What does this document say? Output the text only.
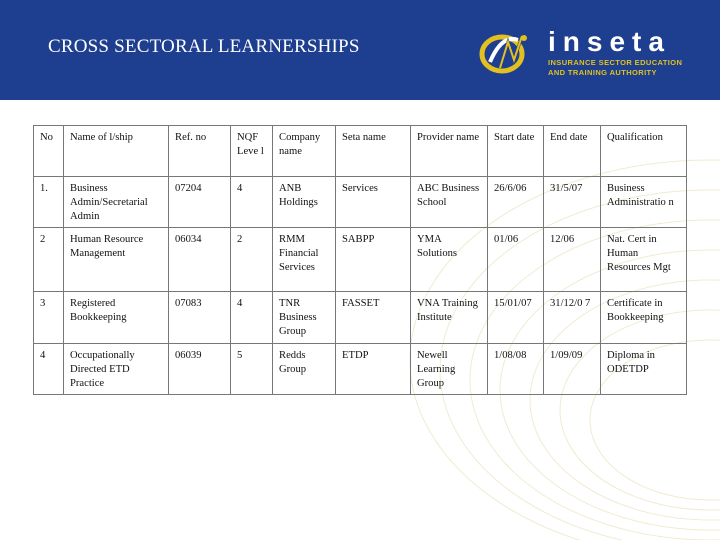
CROSS SECTORAL LEARNERSHIPS	inseta
INSURANCE SECTOR EDUCATION
AND TRAINING AUTHORITY
No	Name of l/ship	Ref. no	NQF Leve l	Company name	Seta name	Provider name	Start date	End date	Qualification
1.	Business Admin/Secretarial Admin	07204	4	ANB Holdings	Services	ABC Business School	26/6/06	31/5/07	Business Administratio n
2	Human Resource Management	06034	2	RMM Financial Services	SABPP	YMA Solutions	01/06	12/06	Nat. Cert in Human Resources Mgt
3	Registered Bookkeeping	07083	4	TNR Business Group	FASSET	VNA Training Institute	15/01/07	31/12/0 7	Certificate in Bookkeeping
4	Occupationally Directed ETD Practice	06039	5	Redds Group	ETDP	Newell Learning Group	1/08/08	1/09/09	Diploma in ODETDP
